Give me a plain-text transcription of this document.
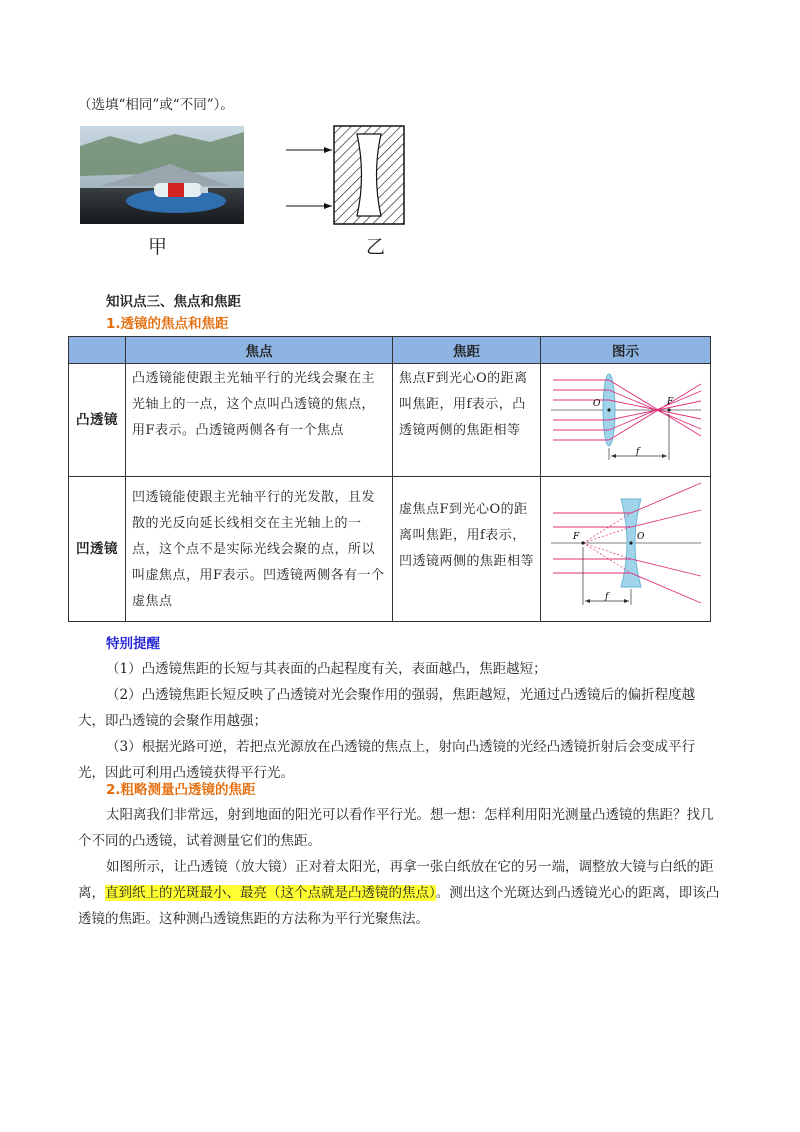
（选填“相同”或“不同”）。
甲	乙
知识点三、焦点和焦距
1.透镜的焦点和焦距
	焦点	焦距	图示
凸透镜	凸透镜能使跟主光轴平行的光线会聚在主光轴上的一点，这个点叫凸透镜的焦点，用F表示。凸透镜两侧各有一个焦点	焦点F到光心O的距离叫焦距，用f表示，凸透镜两侧的焦距相等	O F
f

凹透镜	凹透镜能使跟主光轴平行的光发散，且发散的光反向延长线相交在主光轴上的一点，这个点不是实际光线会聚的点，所以叫虚焦点，用F表示。凹透镜两侧各有一个虚焦点	虚焦点F到光心O的距离叫焦距，用f表示，凹透镜两侧的焦距相等	F O
f
特别提醒

（1）凸透镜焦距的长短与其表面的凸起程度有关，表面越凸，焦距越短；

（2）凸透镜焦距长短反映了凸透镜对光会聚作用的强弱，焦距越短，光通过凸透镜后的偏折程度越大，即凸透镜的会聚作用越强；

（3）根据光路可逆，若把点光源放在凸透镜的焦点上，射向凸透镜的光经凸透镜折射后会变成平行光，因此可利用凸透镜获得平行光。

2.粗略测量凸透镜的焦距

太阳离我们非常远，射到地面的阳光可以看作平行光。想一想：怎样利用阳光测量凸透镜的焦距？找几个不同的凸透镜，试着测量它们的焦距。

如图所示，让凸透镜（放大镜）正对着太阳光，再拿一张白纸放在它的另一端，调整放大镜与白纸的距离，直到纸上的光斑最小、最亮（这个点就是凸透镜的焦点）。测出这个光斑达到凸透镜光心的距离，即该凸透镜的焦距。这种测凸透镜焦距的方法称为平行光聚焦法。
